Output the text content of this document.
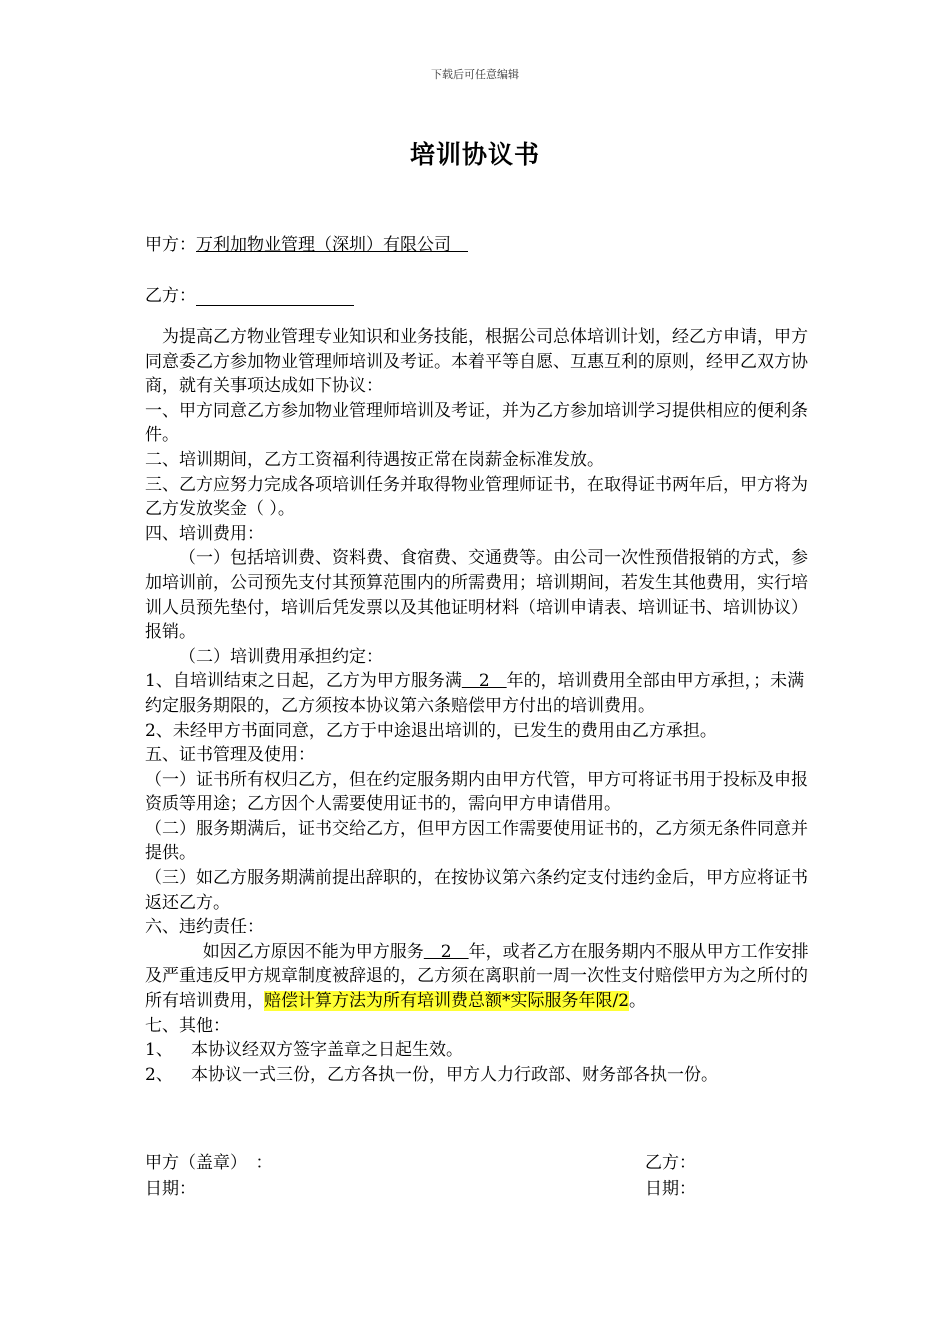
下载后可任意编辑
培训协议书
甲方：万利加物业管理（深圳）有限公司　
乙方：

为提高乙方物业管理专业知识和业务技能，根据公司总体培训计划，经乙方申请，甲方同意委乙方参加物业管理师培训及考证。本着平等自愿、互惠互利的原则，经甲乙双方协商，就有关事项达成如下协议：

一、甲方同意乙方参加物业管理师培训及考证，并为乙方参加培训学习提供相应的便利条件。

二、培训期间，乙方工资福利待遇按正常在岗薪金标准发放。

三、乙方应努力完成各项培训任务并取得物业管理师证书，在取得证书两年后，甲方将为乙方发放奖金（ ）。

四、培训费用：

（一）包括培训费、资料费、食宿费、交通费等。由公司一次性预借报销的方式，参加培训前，公司预先支付其预算范围内的所需费用；培训期间，若发生其他费用，实行培训人员预先垫付，培训后凭发票以及其他证明材料（培训申请表、培训证书、培训协议）报销。

（二）培训费用承担约定：

1、自培训结束之日起，乙方为甲方服务满　2　年的，培训费用全部由甲方承担，；未满约定服务期限的，乙方须按本协议第六条赔偿甲方付出的培训费用。

2、未经甲方书面同意，乙方于中途退出培训的，已发生的费用由乙方承担。

五、证书管理及使用：

（一）证书所有权归乙方，但在约定服务期内由甲方代管，甲方可将证书用于投标及申报资质等用途；乙方因个人需要使用证书的，需向甲方申请借用。

（二）服务期满后，证书交给乙方，但甲方因工作需要使用证书的，乙方须无条件同意并提供。

（三）如乙方服务期满前提出辞职的，在按协议第六条约定支付违约金后，甲方应将证书返还乙方。

六、违约责任：

如因乙方原因不能为甲方服务　2　年，或者乙方在服务期内不服从甲方工作安排及严重违反甲方规章制度被辞退的，乙方须在离职前一周一次性支付赔偿甲方为之所付的所有培训费用，赔偿计算方法为所有培训费总额*实际服务年限/2。

七、其他：

1、	本协议经双方签字盖章之日起生效。
2、	本协议一式三份，乙方各执一份，甲方人力行政部、财务部各执一份。
甲方（盖章）　：
日期：
乙方：
日期：
